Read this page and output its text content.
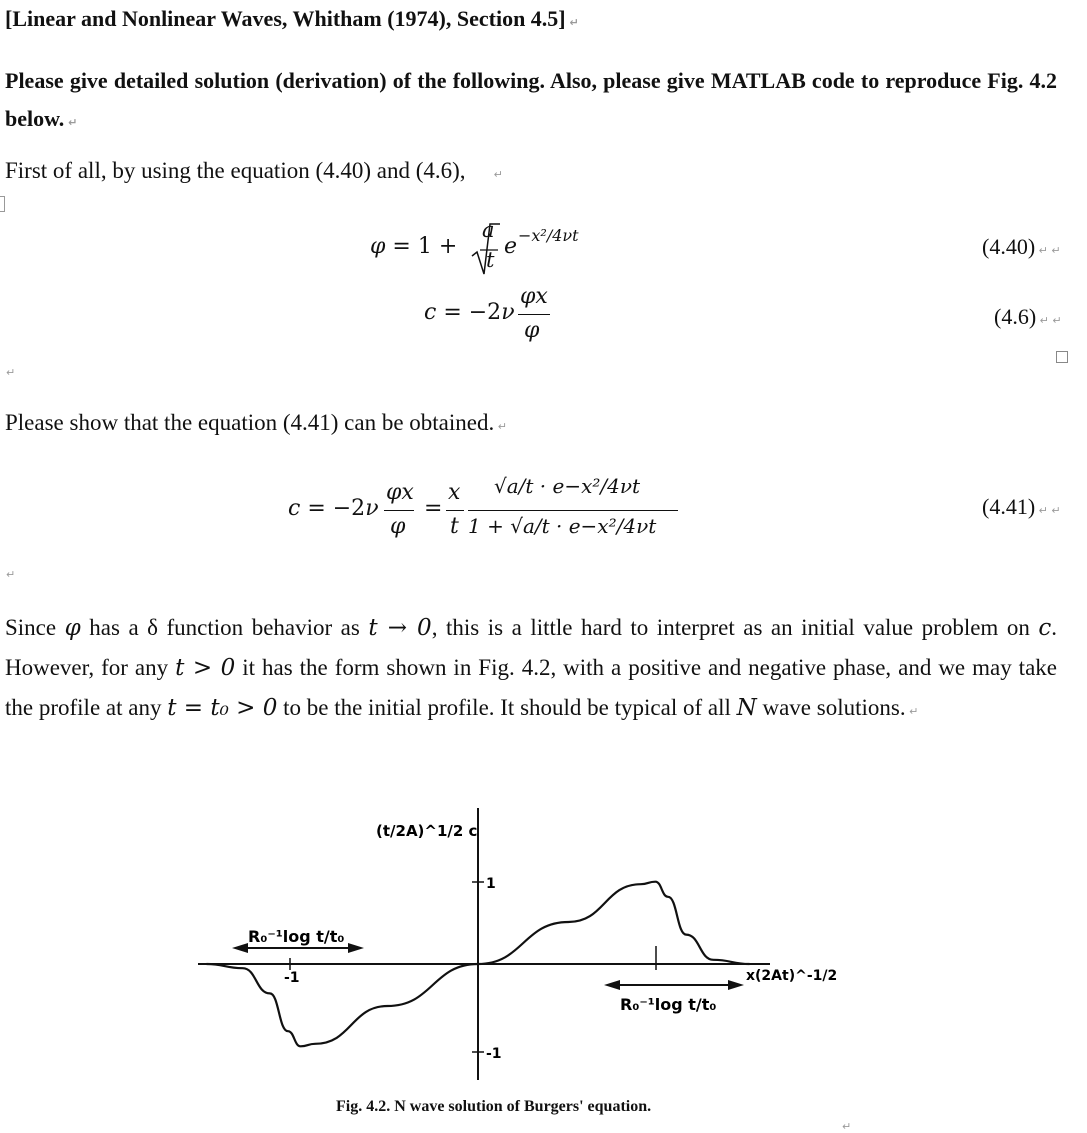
[Linear and Nonlinear Waves, Whitham (1974), Section 4.5] ↵
Please give detailed solution (derivation) of the following. Also, please give MATLAB code to reproduce Fig. 4.2 below. ↵
First of all, by using the equation (4.40) and (4.6),	↵
φ = 1 +
a
t
e −x²/4νt	(4.40) ↵ ↵
c = −2ν
φx
φ
(4.6) ↵ ↵
↵
Please show that the equation (4.41) can be obtained. ↵
c = −2ν
φx
φ
=
x
t
√a/t · e−x²/4νt
1 + √a/t · e−x²/4νt
(4.41) ↵ ↵
↵
Since φ has a δ function behavior as t → 0, this is a little hard to interpret as an initial value problem on c. However, for any t > 0 it has the form shown in Fig. 4.2, with a positive and negative phase, and we may take the profile at any t = t₀ > 0 to be the initial profile. It should be typical of all N wave solutions. ↵
(t/2A)^1/2 c
1
-1
-1	x(2At)^-1/2
R₀⁻¹log t/t₀
R₀⁻¹log t/t₀
Fig. 4.2. N wave solution of Burgers' equation.
↵
